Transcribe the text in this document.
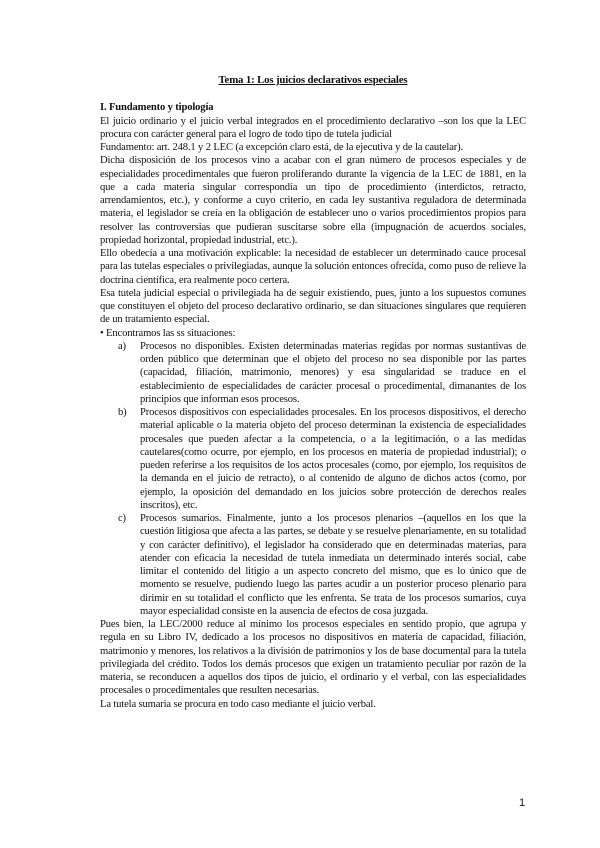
Tema 1: Los juicios declarativos especiales
I. Fundamento y tipología

El juicio ordinario y el juicio verbal integrados en el procedimiento declarativo –son los que la LEC procura con carácter general para el logro de todo tipo de tutela judicial

Fundamento: art. 248.1 y 2 LEC (a excepción claro está, de la ejecutiva y de la cautelar).

Dicha disposición de los procesos vino a acabar con el gran número de procesos especiales y de especialidades procedimentales que fueron proliferando durante la vigencia de la LEC de 1881, en la que a cada materia singular correspondía un tipo de procedimiento (interdictos, retracto, arrendamientos, etc.), y conforme a cuyo criterio, en cada ley sustantiva reguladora de determinada materia, el legislador se creía en la obligación de establecer uno o varios procedimientos propios para resolver las controversias que pudieran suscitarse sobre ella (impugnación de acuerdos sociales, propiedad horizontal, propiedad industrial, etc.).

Ello obedecía a una motivación explicable: la necesidad de establecer un determinado cauce procesal para las tutelas especiales o privilegiadas, aunque la solución entonces ofrecida, como puso de relieve la doctrina científica, era realmente poco certera.

Esa tutela judicial especial o privilegiada ha de seguir existiendo, pues, junto a los supuestos comunes que constituyen el objeto del proceso declarativo ordinario, se dan situaciones singulares que requieren de un tratamiento especial.

• Encontramos las ss situaciones:

a) Procesos no disponibles. Existen determinadas materias regidas por normas sustantivas de orden público que determinan que el objeto del proceso no sea disponible por las partes (capacidad, filiación, matrimonio, menores) y esa singularidad se traduce en el establecimiento de especialidades de carácter procesal o procedimental, dimanantes de los principios que informan esos procesos.
b) Procesos dispositivos con especialidades procesales. En los procesos dispositivos, el derecho material aplicable o la materia objeto del proceso determinan la existencia de especialidades procesales que pueden afectar a la competencia, o a la legitimación, o a las medidas cautelares(como ocurre, por ejemplo, en los procesos en materia de propiedad industrial); o pueden referirse a los requisitos de los actos procesales (como, por ejemplo, los requisitos de la demanda en el juicio de retracto), o al contenido de alguno de dichos actos (como, por ejemplo, la oposición del demandado en los juicios sobre protección de derechos reales inscritos), etc.
c) Procesos sumarios. Finalmente, junto a los procesos plenarios –(aquellos en los que la cuestión litigiosa que afecta a las partes, se debate y se resuelve plenariamente, en su totalidad y con carácter definitivo), el legislador ha considerado que en determinadas materias, para atender con eficacia la necesidad de tutela inmediata un determinado interés social, cabe limitar el contenido del litigio a un aspecto concreto del mismo, que es lo único que de momento se resuelve, pudiendo luego las partes acudir a un posterior proceso plenario para dirimir en su totalidad el conflicto que les enfrenta. Se trata de los procesos sumarios, cuya mayor especialidad consiste en la ausencia de efectos de cosa juzgada.

Pues bien, la LEC/2000 reduce al mínimo los procesos especiales en sentido propio, que agrupa y regula en su Libro IV, dedicado a los procesos no dispositivos en materia de capacidad, filiación, matrimonio y menores, los relativos a la división de patrimonios y los de base documental para la tutela privilegiada del crédito. Todos los demás procesos que exigen un tratamiento peculiar por razón de la materia, se reconducen a aquellos dos tipos de juicio, el ordinario y el verbal, con las especialidades procesales o procedimentales que resulten necesarias.

La tutela sumaria se procura en todo caso mediante el juicio verbal.

1
